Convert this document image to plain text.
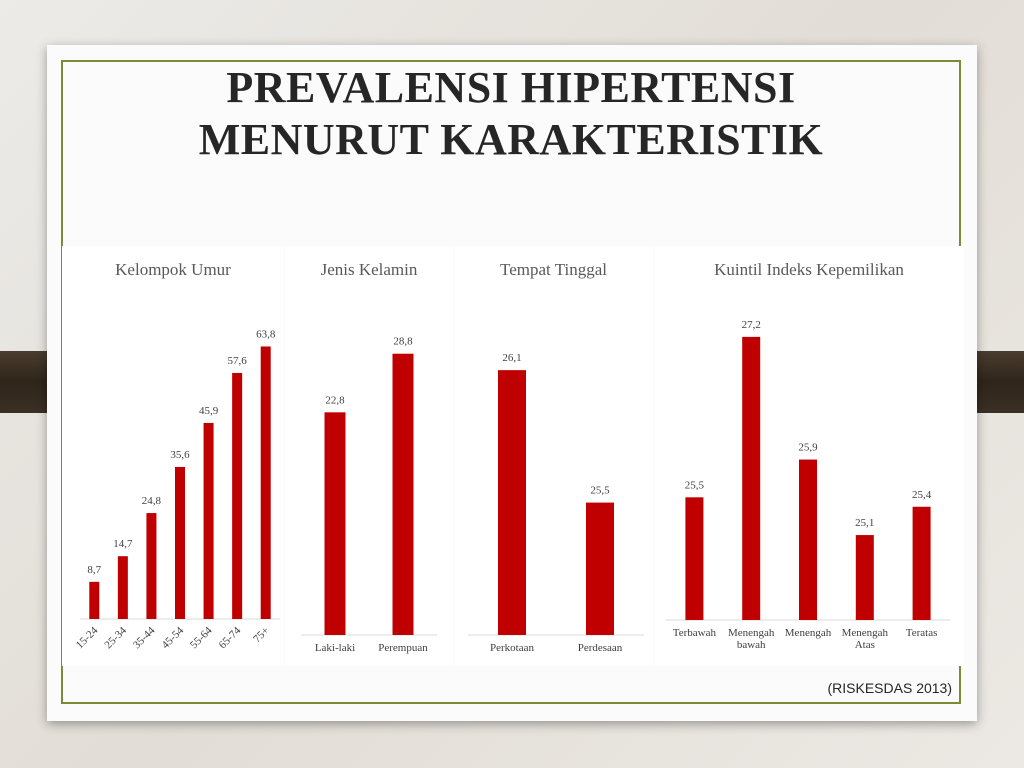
PREVALENSI HIPERTENSI
MENURUT KARAKTERISTIK

Kelompok Umur

8,7
15-24
14,7
25-34
24,8
35-44
35,6
45-54
45,9
55-64
57,6
65-74
63,8
75+

Jenis Kelamin

22,8
Laki-laki
28,8
Perempuan

Tempat Tinggal

26,1
Perkotaan
25,5
Perdesaan

Kuintil Indeks Kepemilikan

25,5
Terbawah
27,2
Menengah bawah
25,9
Menengah
25,1
Menengah Atas
25,4
Teratas
(RISKESDAS 2013)
